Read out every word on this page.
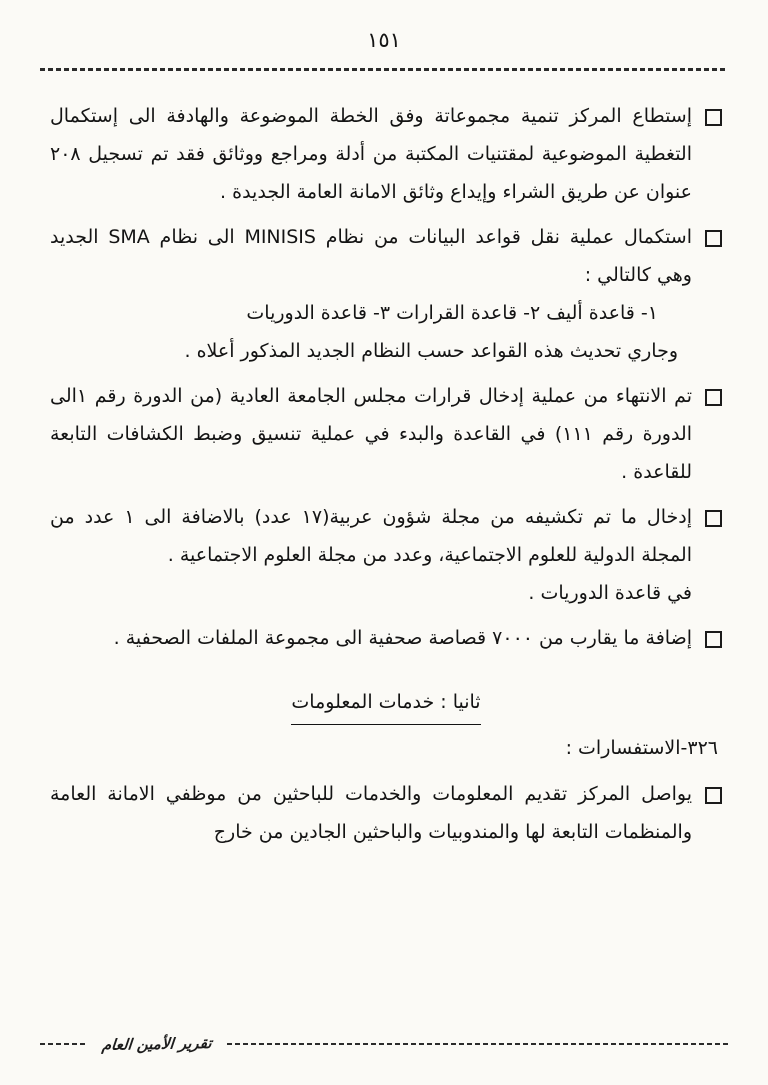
١٥١
إستطاع المركز تنمية مجموعاتة وفق الخطة الموضوعة والهادفة الى إستكمال التغطية الموضوعية لمقتنيات المكتبة من أدلة ومراجع ووثائق فقد تم تسجيل ٢٠٨ عنوان عن طريق الشراء وإيداع وثائق الامانة العامة الجديدة .
استكمال عملية نقل قواعد البيانات من نظام MINISIS الى نظام SMA الجديد وهي كالتالي :
١- قاعدة أليف ٢- قاعدة القرارات ٣- قاعدة الدوريات
وجاري تحديث هذه القواعد حسب النظام الجديد المذكور أعلاه .
تم الانتهاء من عملية إدخال قرارات مجلس الجامعة العادية (من الدورة رقم ١الى الدورة رقم ١١١) في القاعدة والبدء في عملية تنسيق وضبط الكشافات التابعة للقاعدة .
إدخال ما تم تكشيفه من مجلة شؤون عربية(١٧ عدد) بالاضافة الى ١ عدد من المجلة الدولية للعلوم الاجتماعية، وعدد من مجلة العلوم الاجتماعية .
في قاعدة الدوريات .
إضافة ما يقارب من ٧٠٠٠ قصاصة صحفية الى مجموعة الملفات الصحفية .
ثانيا : خدمات المعلومات
٣٢٦-الاستفسارات :
يواصل المركز تقديم المعلومات والخدمات للباحثين من موظفي الامانة العامة والمنظمات التابعة لها والمندوبيات والباحثين الجادين من خارج
تقرير الأمين العام
